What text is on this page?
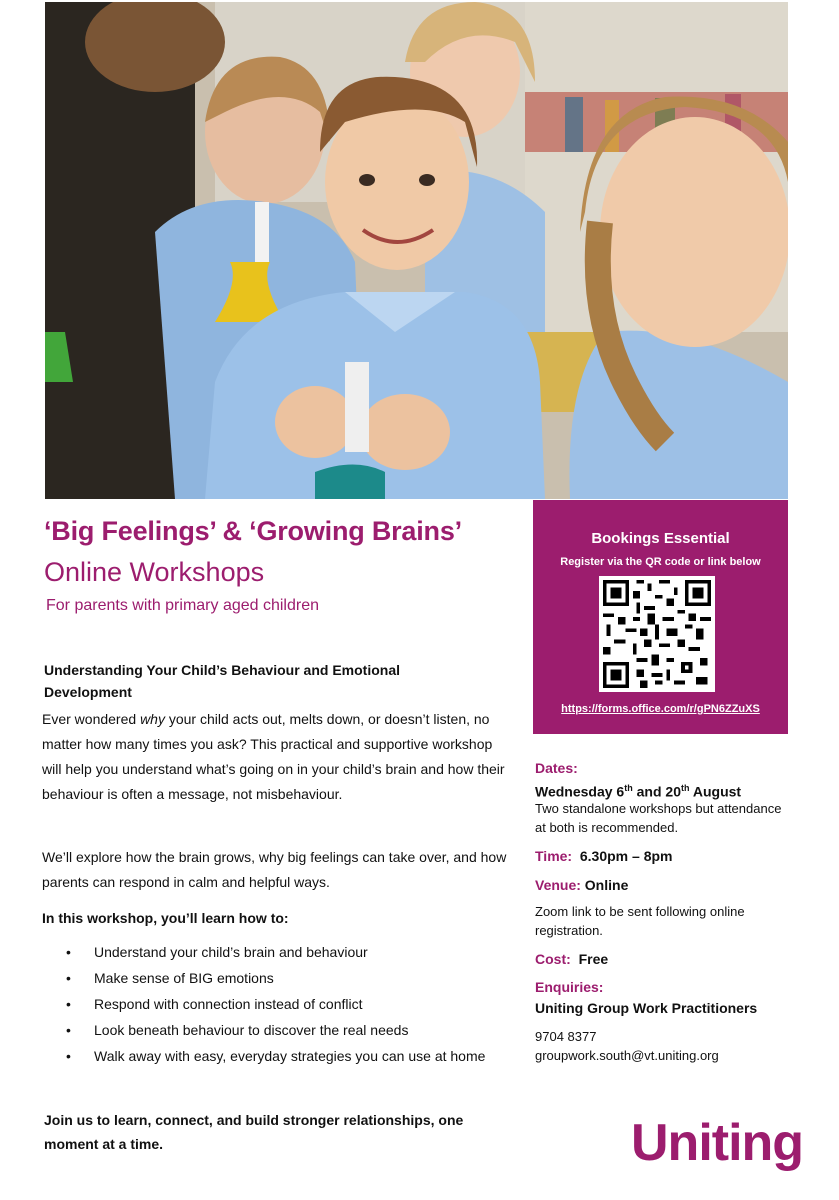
‘Big Feelings’ & ‘Growing Brains’
Online Workshops
For parents with primary aged children
Understanding Your Child’s Behaviour and Emotional Development

Ever wondered why your child acts out, melts down, or doesn’t listen, no matter how many times you ask? This practical and supportive workshop will help you understand what’s going on in your child’s brain and how their behaviour is often a message, not misbehaviour.

We’ll explore how the brain grows, why big feelings can take over, and how parents can respond in calm and helpful ways.

In this workshop, you’ll learn how to:
• Understand your child’s brain and behaviour
• Make sense of BIG emotions
• Respond with connection instead of conflict
• Look beneath behaviour to discover the real needs
• Walk away with easy, everyday strategies you can use at home
Join us to learn, connect, and build stronger relationships, one moment at a time.
Bookings Essential
Register via the QR code or link below
https://forms.office.com/r/gPN6ZZuXS
Dates:
Wednesday 6th and 20th August
Two standalone workshops but attendance at both is recommended.
Time: 6.30pm – 8pm
Venue: Online
Zoom link to be sent following online registration.
Cost: Free
Enquiries:
Uniting Group Work Practitioners
9704 8377
groupwork.south@vt.uniting.org
Uniting
